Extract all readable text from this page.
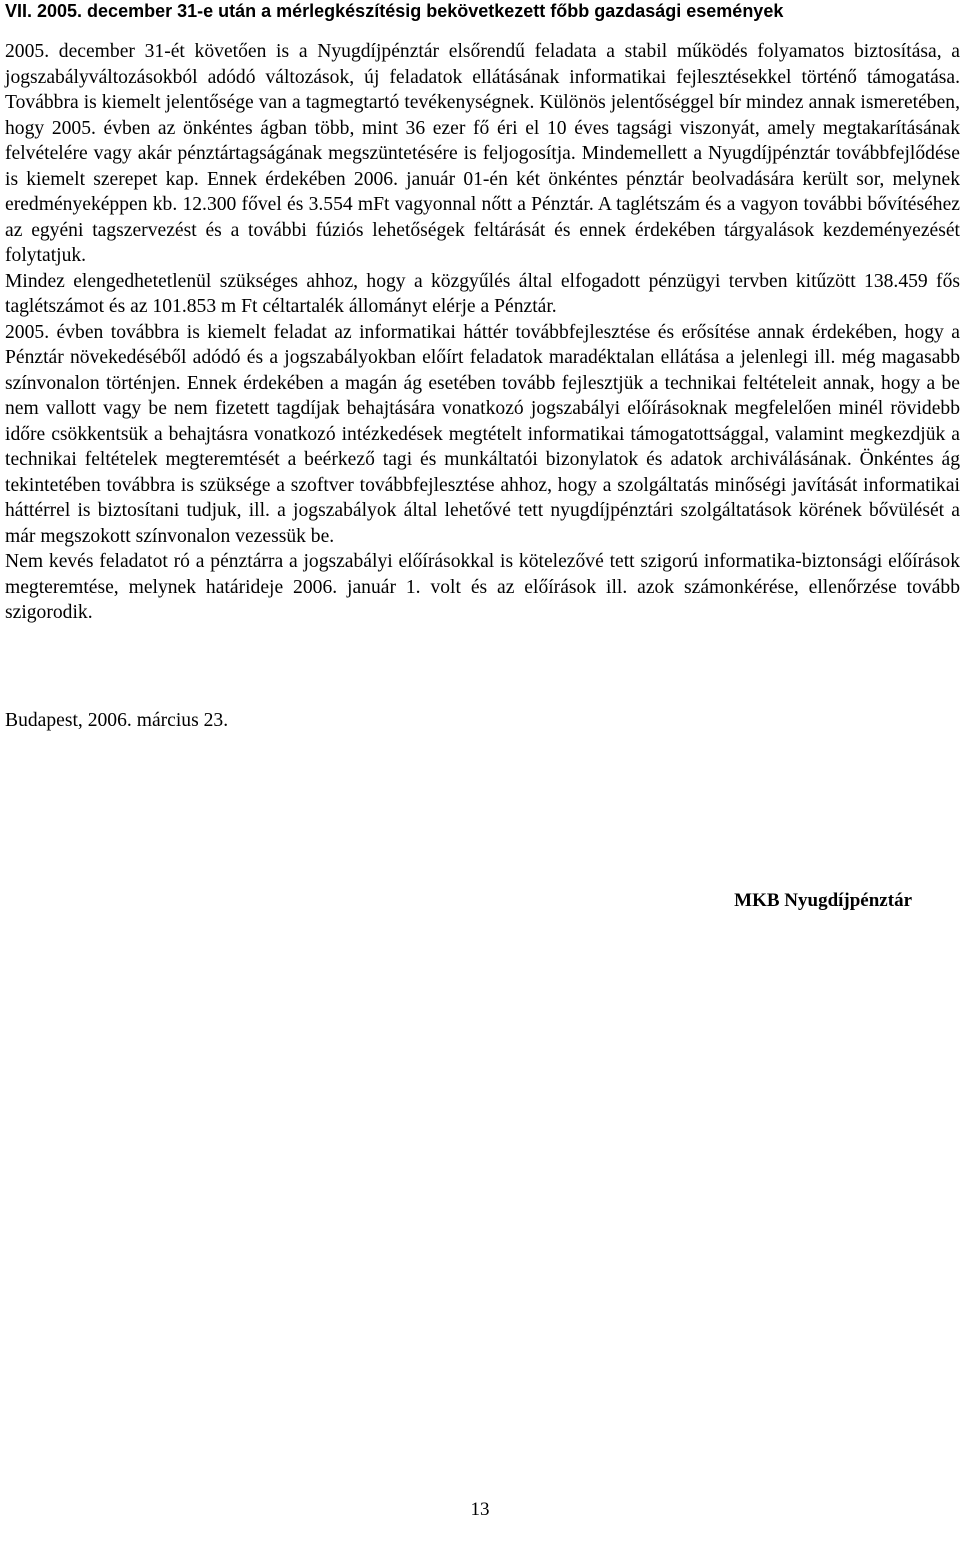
VII. 2005. december 31-e után a mérlegkészítésig bekövetkezett főbb gazdasági események

2005. december 31-ét követően is a Nyugdíjpénztár elsőrendű feladata a stabil működés folyamatos biztosítása, a jogszabályváltozásokból adódó változások, új feladatok ellátásának informatikai fejlesztésekkel történő támogatása. Továbbra is kiemelt jelentősége van a tagmegtartó tevékenységnek. Különös jelentőséggel bír mindez annak ismeretében, hogy 2005. évben az önkéntes ágban több, mint 36 ezer fő éri el 10 éves tagsági viszonyát, amely megtakarításának felvételére vagy akár pénztártagságának megszüntetésére is feljogosítja. Mindemellett a Nyugdíjpénztár továbbfejlődése is kiemelt szerepet kap. Ennek érdekében 2006. január 01-én két önkéntes pénztár beolvadására került sor, melynek eredményeképpen kb. 12.300 fővel és 3.554 mFt vagyonnal nőtt a Pénztár. A taglétszám és a vagyon további bővítéséhez az egyéni tagszervezést és a további fúziós lehetőségek feltárását és ennek érdekében tárgyalások kezdeményezését folytatjuk.

Mindez elengedhetetlenül szükséges ahhoz, hogy a közgyűlés által elfogadott pénzügyi tervben kitűzött 138.459 fős taglétszámot és az 101.853 m Ft céltartalék állományt elérje a Pénztár.

2005. évben továbbra is kiemelt feladat az informatikai háttér továbbfejlesztése és erősítése annak érdekében, hogy a Pénztár növekedéséből adódó és a jogszabályokban előírt feladatok maradéktalan ellátása a jelenlegi ill. még magasabb színvonalon történjen. Ennek érdekében a magán ág esetében tovább fejlesztjük a technikai feltételeit annak, hogy a be nem vallott vagy be nem fizetett tagdíjak behajtására vonatkozó jogszabályi előírásoknak megfelelően minél rövidebb időre csökkentsük a behajtásra vonatkozó intézkedések megtételt informatikai támogatottsággal, valamint megkezdjük a technikai feltételek megteremtését a beérkező tagi és munkáltatói bizonylatok és adatok archiválásának. Önkéntes ág tekintetében továbbra is szüksége a szoftver továbbfejlesztése ahhoz, hogy a szolgáltatás minőségi javítását informatikai háttérrel is biztosítani tudjuk, ill. a jogszabályok által lehetővé tett nyugdíjpénztári szolgáltatások körének bővülését a már megszokott színvonalon vezessük be.

Nem kevés feladatot ró a pénztárra a jogszabályi előírásokkal is kötelezővé tett szigorú informatika-biztonsági előírások megteremtése, melynek határideje 2006. január 1. volt és az előírások ill. azok számonkérése, ellenőrzése tovább szigorodik.

Budapest, 2006. március 23.
MKB Nyugdíjpénztár
13
